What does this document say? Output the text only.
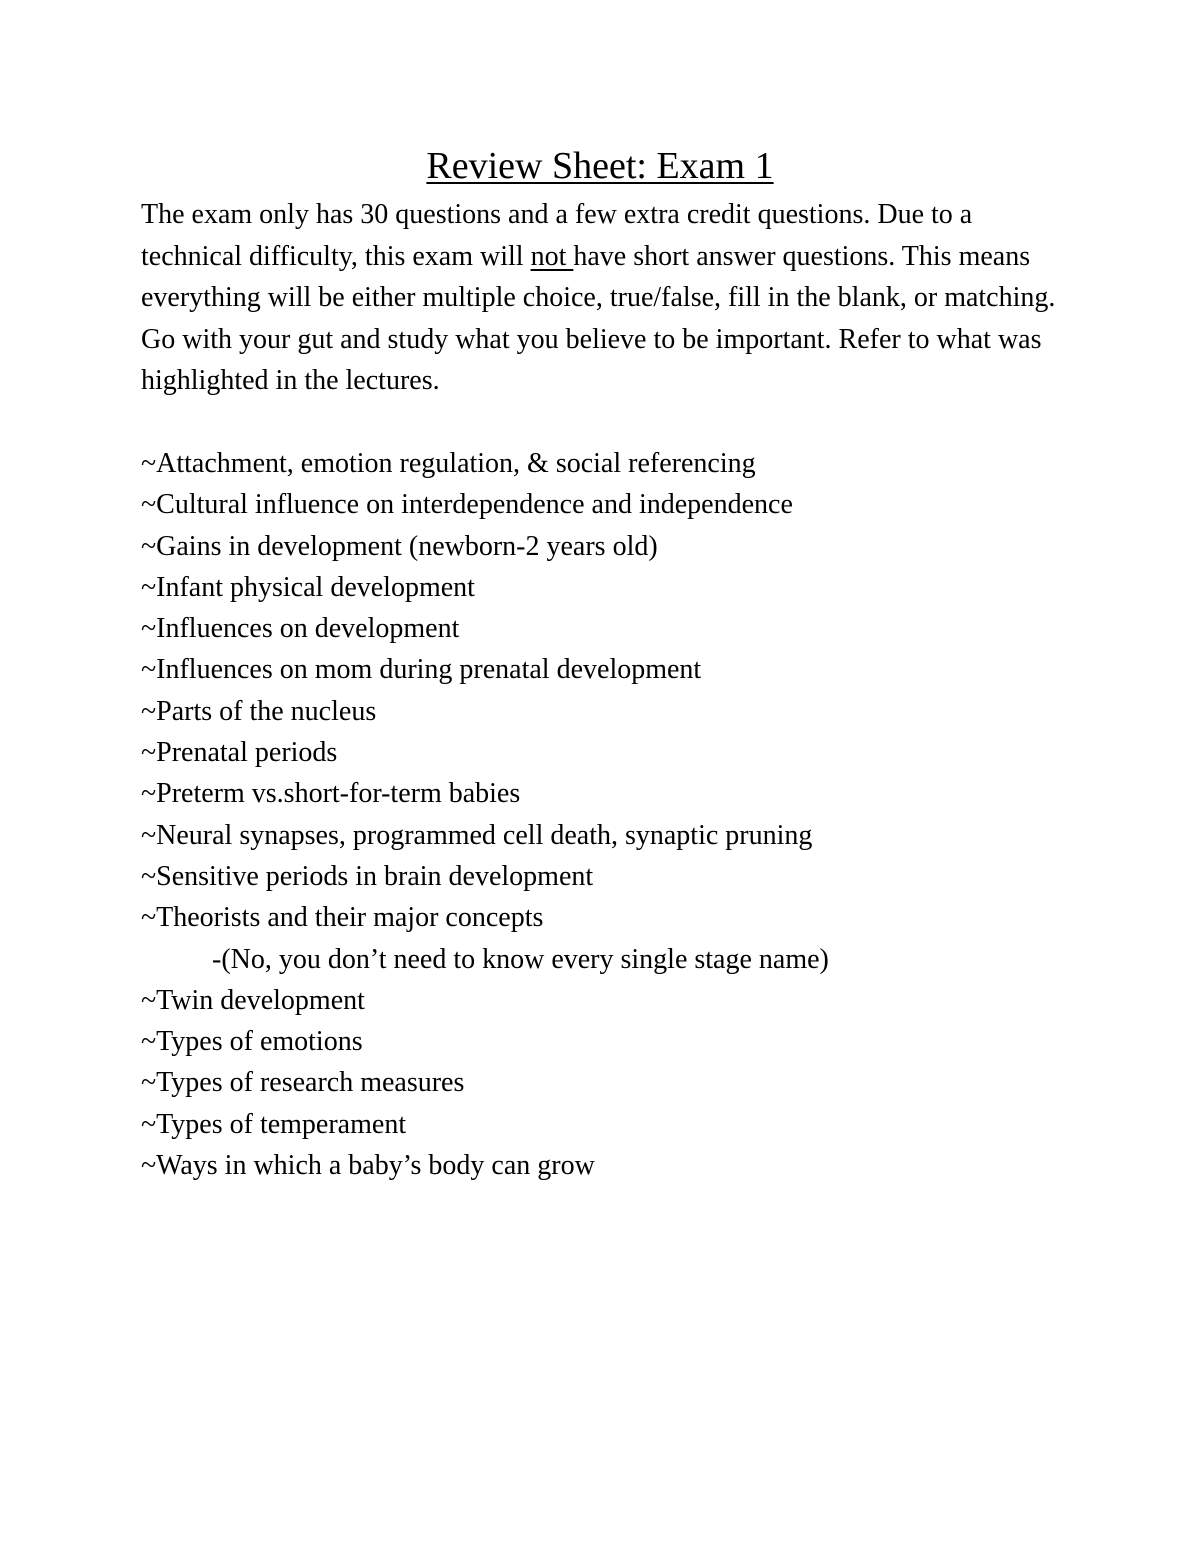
Review Sheet: Exam 1

The exam only has 30 questions and a few extra credit questions. Due to a technical difficulty, this exam will not have short answer questions. This means everything will be either multiple choice, true/false, fill in the blank, or matching. Go with your gut and study what you believe to be important. Refer to what was highlighted in the lectures.

~Attachment, emotion regulation, & social referencing
~Cultural influence on interdependence and independence
~Gains in development (newborn-2 years old)
~Infant physical development
~Influences on development
~Influences on mom during prenatal development
~Parts of the nucleus
~Prenatal periods
~Preterm vs.short-for-term babies
~Neural synapses, programmed cell death, synaptic pruning
~Sensitive periods in brain development
~Theorists and their major concepts
-(No, you don’t need to know every single stage name)
~Twin development
~Types of emotions
~Types of research measures
~Types of temperament
~Ways in which a baby’s body can grow
